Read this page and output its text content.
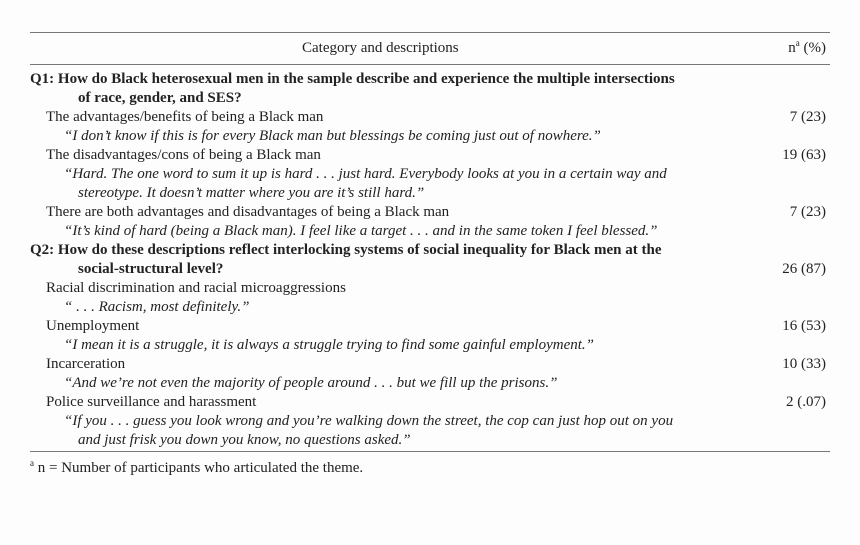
Category and descriptions	$n^a$ (%)
Q1: How do Black heterosexual men in the sample describe and experience the multiple intersections
of race, gender, and SES?
The advantages/benefits of being a Black man	7 (23)
“I don’t know if this is for every Black man but blessings be coming just out of nowhere.”
The disadvantages/cons of being a Black man	19 (63)
“Hard. The one word to sum it up is hard . . . just hard. Everybody looks at you in a certain way and
stereotype. It doesn’t matter where you are it’s still hard.”
There are both advantages and disadvantages of being a Black man	7 (23)
“It’s kind of hard (being a Black man). I feel like a target . . . and in the same token I feel blessed.”
Q2: How do these descriptions reflect interlocking systems of social inequality for Black men at the
social-structural level?	26 (87)
Racial discrimination and racial microaggressions
“ . . . Racism, most definitely.”
Unemployment	16 (53)
“I mean it is a struggle, it is always a struggle trying to find some gainful employment.”
Incarceration	10 (33)
“And we’re not even the majority of people around . . . but we fill up the prisons.”
Police surveillance and harassment	2 (.07)
“If you . . . guess you look wrong and you’re walking down the street, the cop can just hop out on you
and just frisk you down you know, no questions asked.”
$^a$ n = Number of participants who articulated the theme.
